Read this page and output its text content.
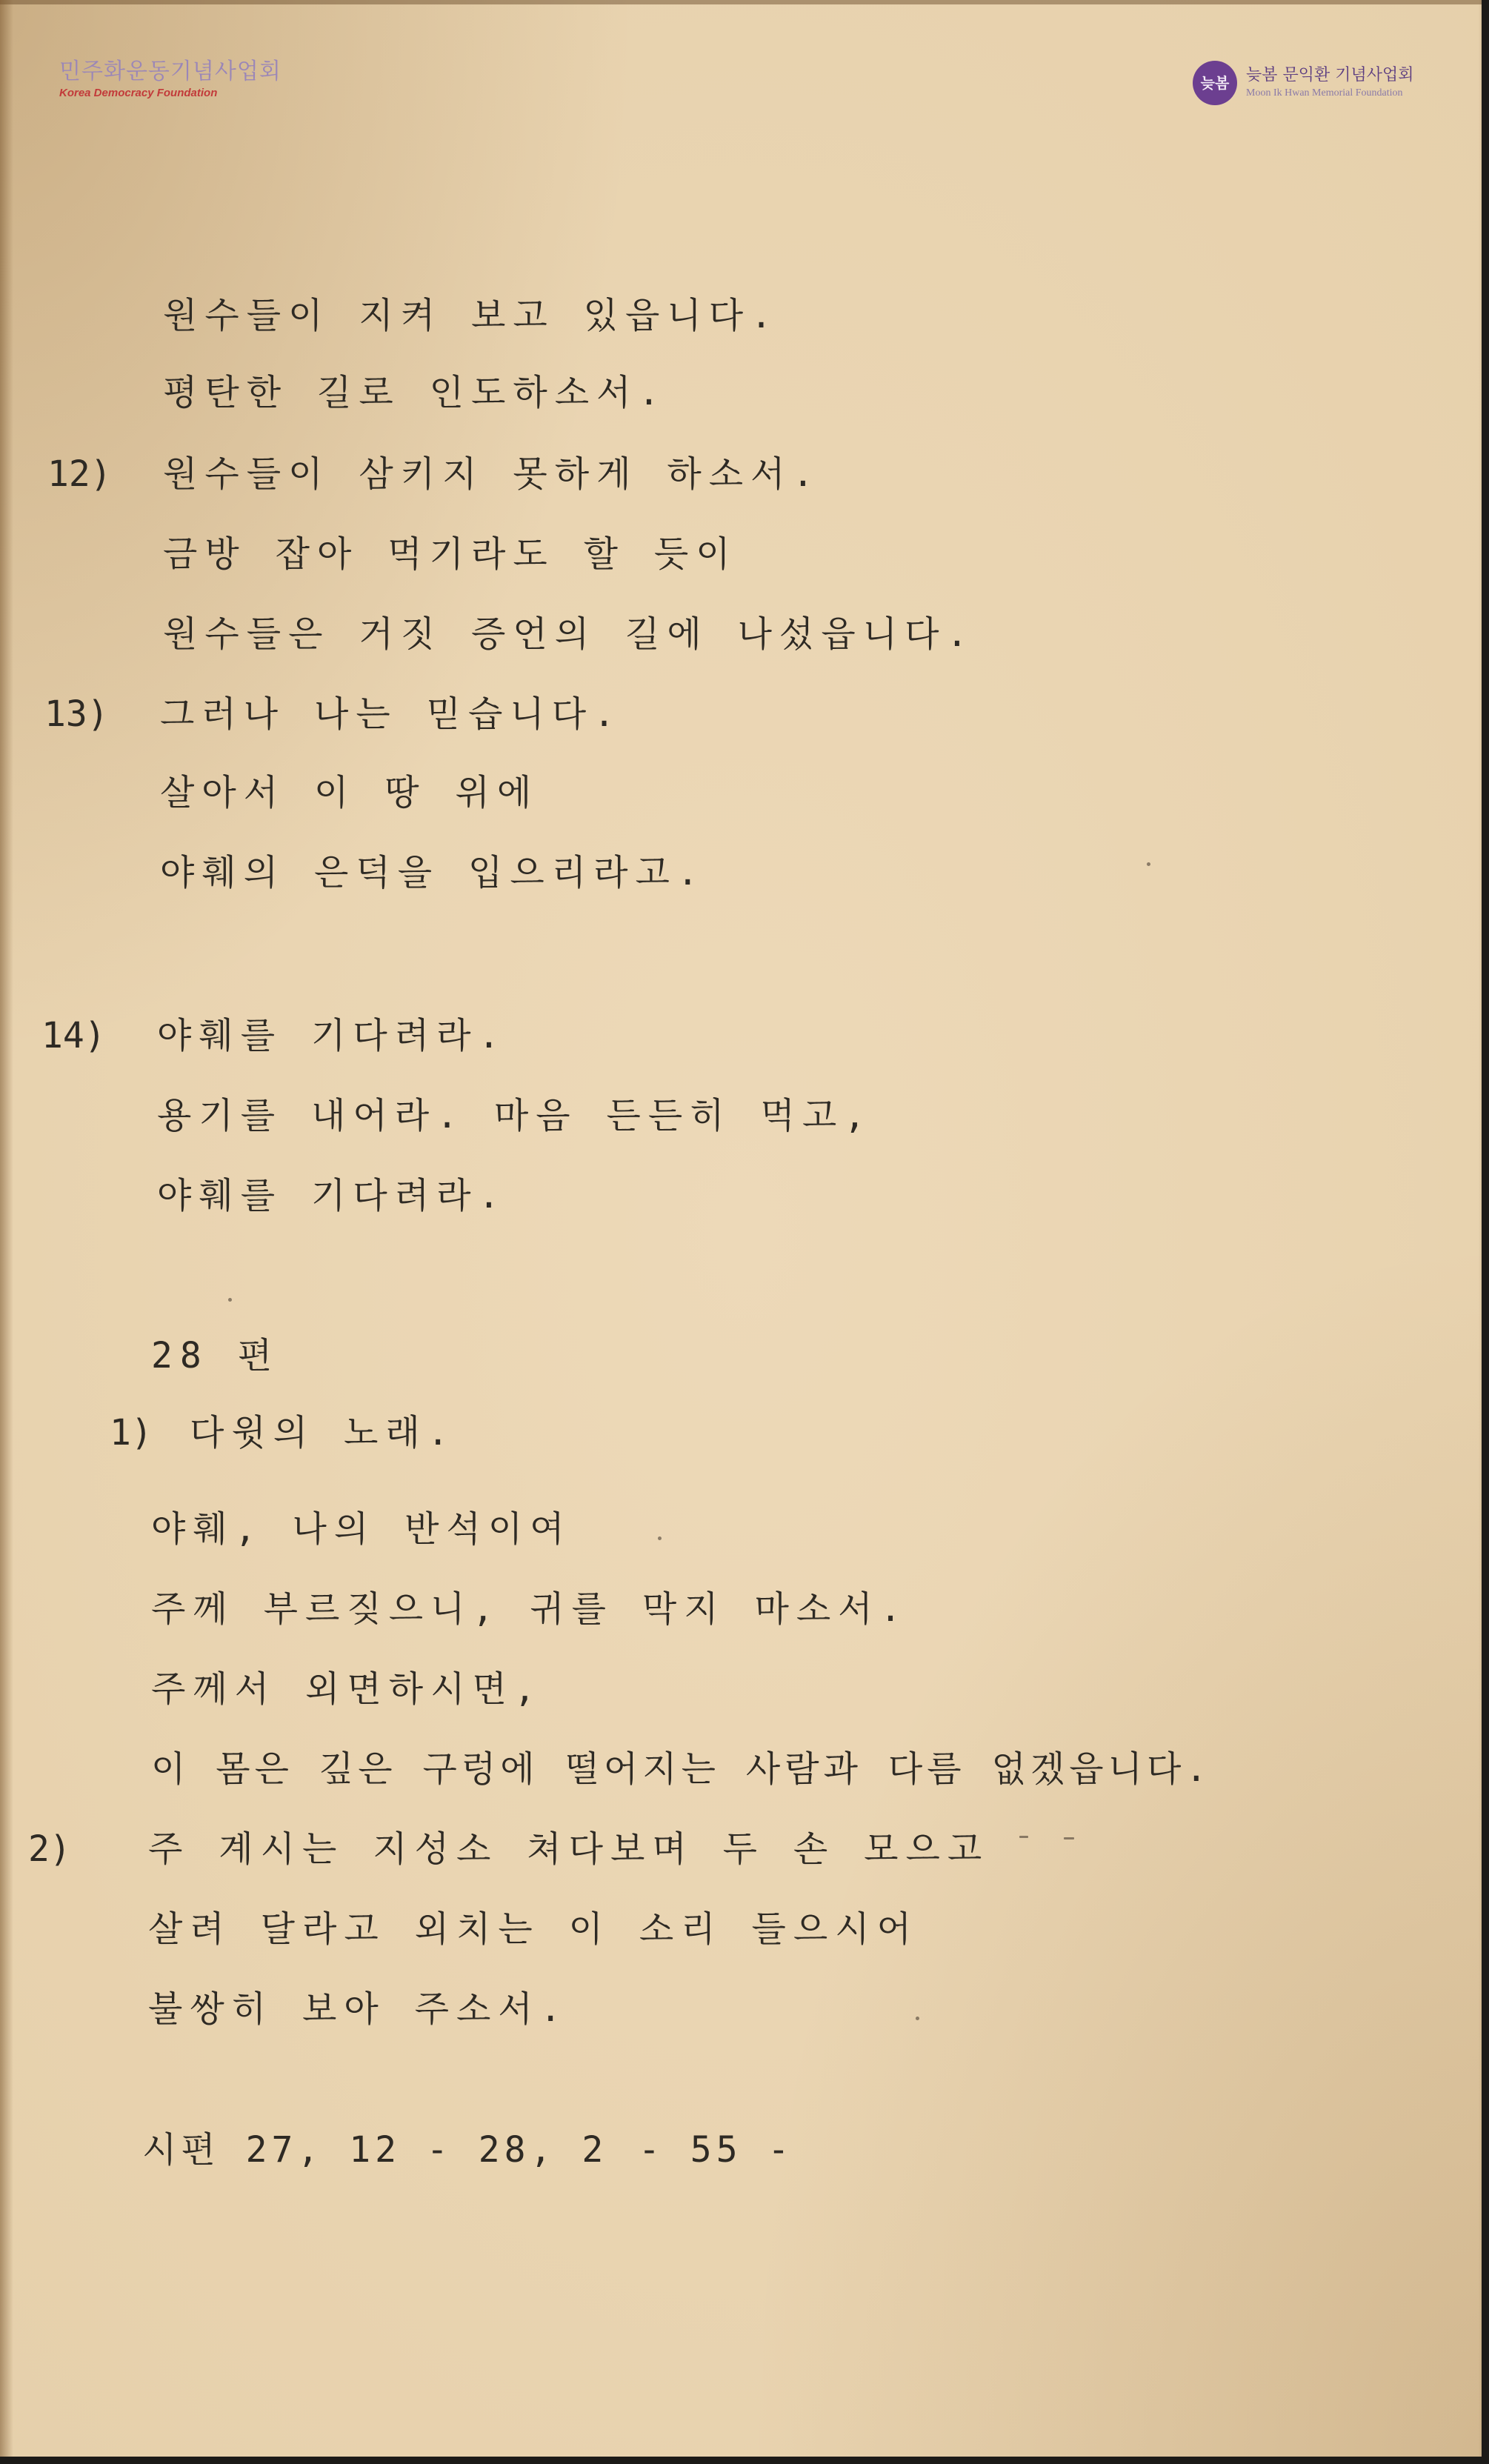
민주화운동기념사업회
Korea Democracy Foundation
늦봄	늦봄 문익환 기념사업회
Moon Ik Hwan Memorial Foundation
원수들이 지켜 보고 있읍니다.
평탄한 길로 인도하소서.
12) 원수들이 삼키지 못하게 하소서.
금방 잡아 먹기라도 할 듯이
원수들은 거짓 증언의 길에 나섰읍니다.
13) 그러나 나는 믿습니다.
살아서 이 땅 위에
야훼의 은덕을 입으리라고.
14) 야훼를 기다려라.
용기를 내어라. 마음 든든히 먹고,
야훼를 기다려라.
28 편
1) 다윗의 노래.
야훼, 나의 반석이여
주께 부르짖으니, 귀를 막지 마소서.
주께서 외면하시면,
이 몸은 깊은 구렁에 떨어지는 사람과 다름 없겠읍니다.
2) 주 계시는 지성소 쳐다보며 두 손 모으고
살려 달라고 외치는 이 소리 들으시어
불쌍히 보아 주소서.
시편 27, 12 - 28, 2 - 55 -
